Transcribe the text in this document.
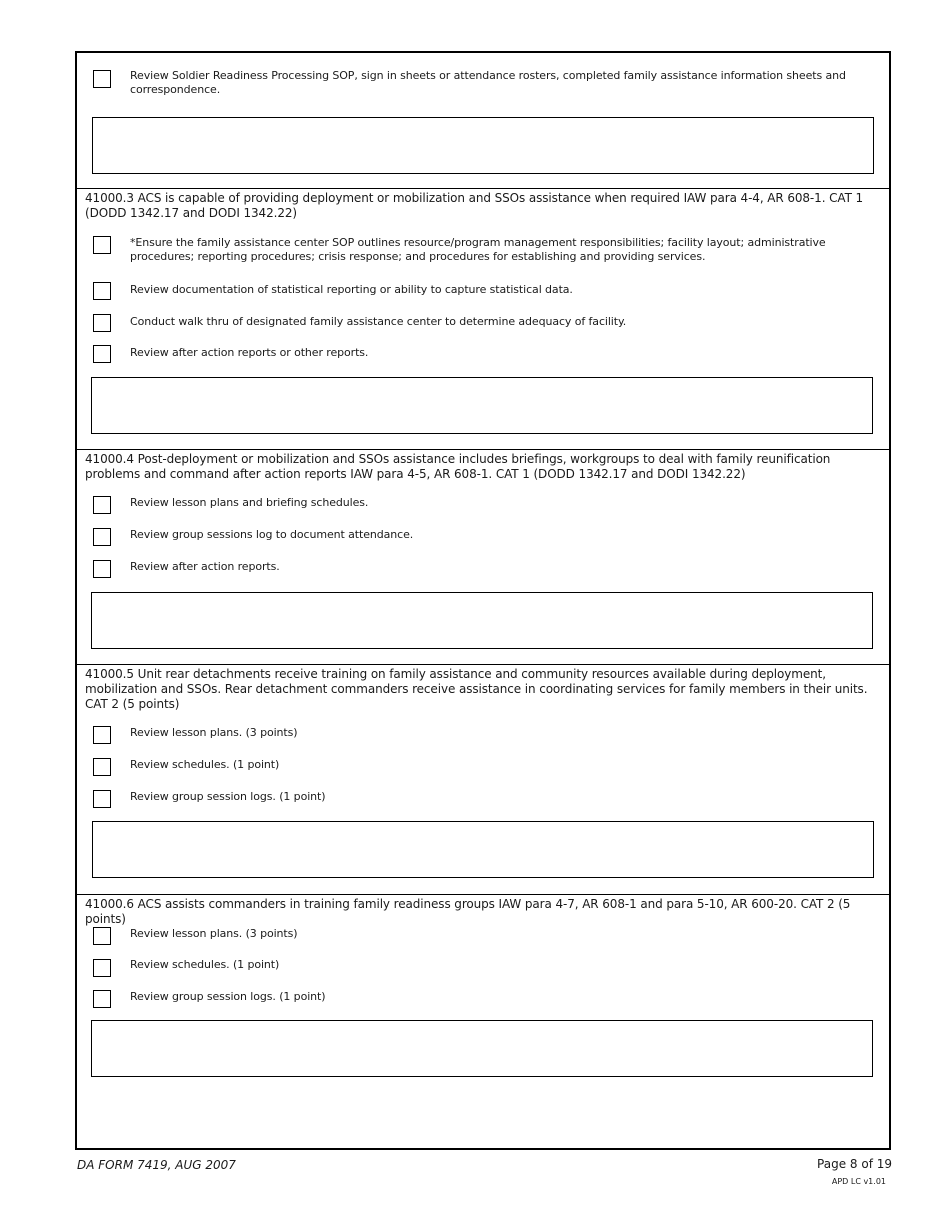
Review Soldier Readiness Processing SOP, sign in sheets or attendance rosters, completed family assistance information sheets and correspondence.
41000.3 ACS is capable of providing deployment or mobilization and SSOs assistance when required IAW para 4-4, AR 608-1. CAT 1 (DODD 1342.17 and DODI 1342.22)
*Ensure the family assistance center SOP outlines resource/program management responsibilities; facility layout; administrative procedures; reporting procedures; crisis response; and procedures for establishing and providing services.
Review documentation of statistical reporting or ability to capture statistical data.
Conduct walk thru of designated family assistance center to determine adequacy of facility.
Review after action reports or other reports.
41000.4 Post-deployment or mobilization and SSOs assistance includes briefings, workgroups to deal with family reunification problems and command after action reports IAW para 4-5, AR 608-1. CAT 1 (DODD 1342.17 and DODI 1342.22)
Review lesson plans and briefing schedules.
Review group sessions log to document attendance.
Review after action reports.
41000.5 Unit rear detachments receive training on family assistance and community resources available during deployment, mobilization and SSOs. Rear detachment commanders receive assistance in coordinating services for family members in their units. CAT 2 (5 points)
Review lesson plans. (3 points)
Review schedules. (1 point)
Review group session logs. (1 point)
41000.6 ACS assists commanders in training family readiness groups IAW para 4-7, AR 608-1 and para 5-10, AR 600-20. CAT 2 (5 points)
Review lesson plans. (3 points)
Review schedules. (1 point)
Review group session logs. (1 point)
DA FORM 7419, AUG 2007	Page 8 of 19
APD LC v1.01
